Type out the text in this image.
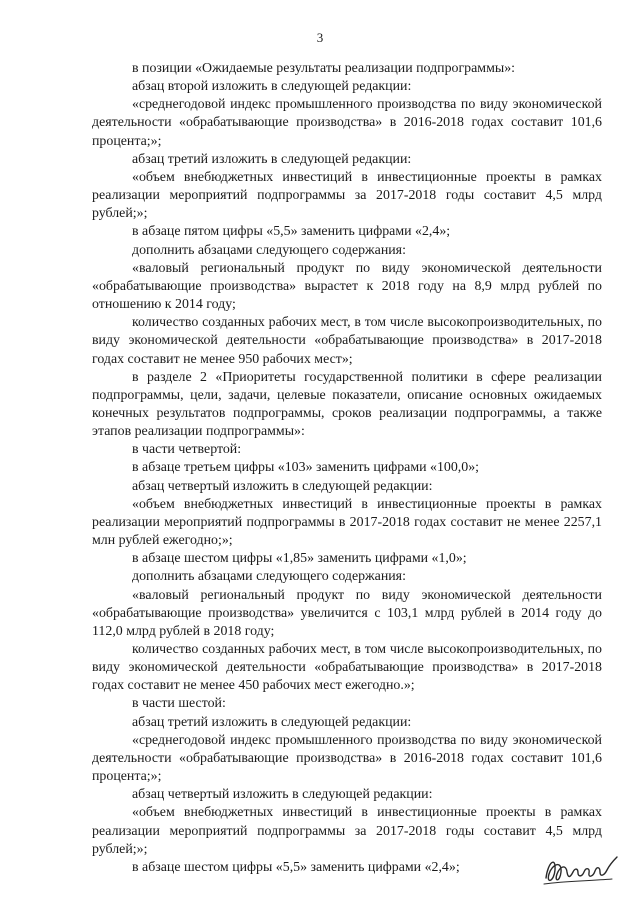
3

в позиции «Ожидаемые результаты реализации подпрограммы»:

абзац второй изложить в следующей редакции:

«среднегодовой индекс промышленного производства по виду экономической деятельности «обрабатывающие производства» в 2016-2018 годах составит 101,6 процента;»;

абзац третий изложить в следующей редакции:

«объем внебюджетных инвестиций в инвестиционные проекты в рамках реализации мероприятий подпрограммы за 2017-2018 годы составит 4,5 млрд рублей;»;

в абзаце пятом цифры «5,5» заменить цифрами «2,4»;

дополнить абзацами следующего содержания:

«валовый региональный продукт по виду экономической деятельности «обрабатывающие производства» вырастет к 2018 году на 8,9 млрд рублей по отношению к 2014 году;

количество созданных рабочих мест, в том числе высокопроизводительных, по виду экономической деятельности «обрабатывающие производства» в 2017-2018 годах составит не менее 950 рабочих мест»;

в разделе 2 «Приоритеты государственной политики в сфере реализации подпрограммы, цели, задачи, целевые показатели, описание основных ожидаемых конечных результатов подпрограммы, сроков реализации подпрограммы, а также этапов реализации подпрограммы»:

в части четвертой:

в абзаце третьем цифры «103» заменить цифрами «100,0»;

абзац четвертый изложить в следующей редакции:

«объем внебюджетных инвестиций в инвестиционные проекты в рамках реализации мероприятий подпрограммы в 2017-2018 годах составит не менее 2257,1 млн рублей ежегодно;»;

в абзаце шестом цифры «1,85» заменить цифрами «1,0»;

дополнить абзацами следующего содержания:

«валовый региональный продукт по виду экономической деятельности «обрабатывающие производства» увеличится с 103,1 млрд рублей в 2014 году до 112,0 млрд рублей в 2018 году;

количество созданных рабочих мест, в том числе высокопроизводительных, по виду экономической деятельности «обрабатывающие производства» в 2017-2018 годах составит не менее 450 рабочих мест ежегодно.»;

в части шестой:

абзац третий изложить в следующей редакции:

«среднегодовой индекс промышленного производства по виду экономической деятельности «обрабатывающие производства» в 2016-2018 годах составит 101,6 процента;»;

абзац четвертый изложить в следующей редакции:

«объем внебюджетных инвестиций в инвестиционные проекты в рамках реализации мероприятий подпрограммы за 2017-2018 годы составит 4,5 млрд рублей;»;

в абзаце шестом цифры «5,5» заменить цифрами «2,4»;
